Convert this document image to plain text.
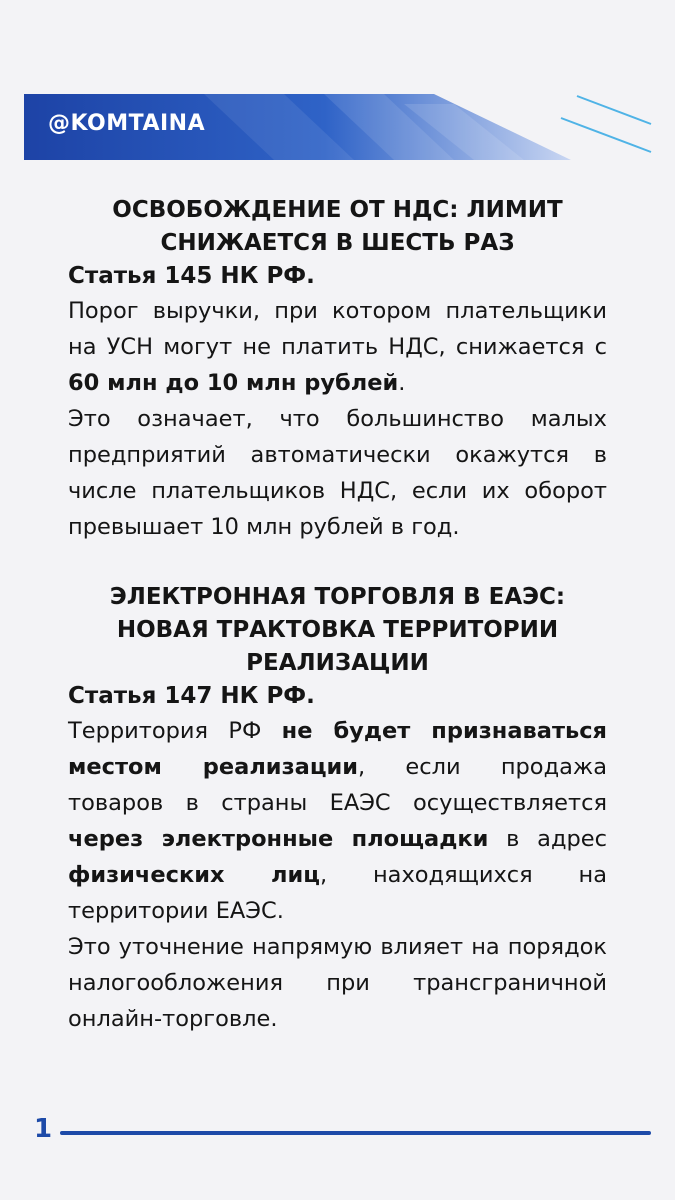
@KOMTAINA

ОСВОБОЖДЕНИЕ ОТ НДС: ЛИМИТ
СНИЖАЕТСЯ В ШЕСТЬ РАЗ

Статья 145 НК РФ.

Порог выручки, при котором плательщики на УСН могут не платить НДС, снижается с 60 млн до 10 млн рублей.

Это означает, что большинство малых предприятий автоматически окажутся в числе плательщиков НДС, если их оборот превышает 10 млн рублей в год.

ЭЛЕКТРОННАЯ ТОРГОВЛЯ В ЕАЭС:
НОВАЯ ТРАКТОВКА ТЕРРИТОРИИ
РЕАЛИЗАЦИИ

Статья 147 НК РФ.

Территория РФ не будет признаваться местом реализации, если продажа товаров в страны ЕАЭС осуществляется через электронные площадки в адрес физических лиц, находящихся на территории ЕАЭС.

Это уточнение напрямую влияет на порядок налогообложения при трансграничной онлайн-торговле.

1
